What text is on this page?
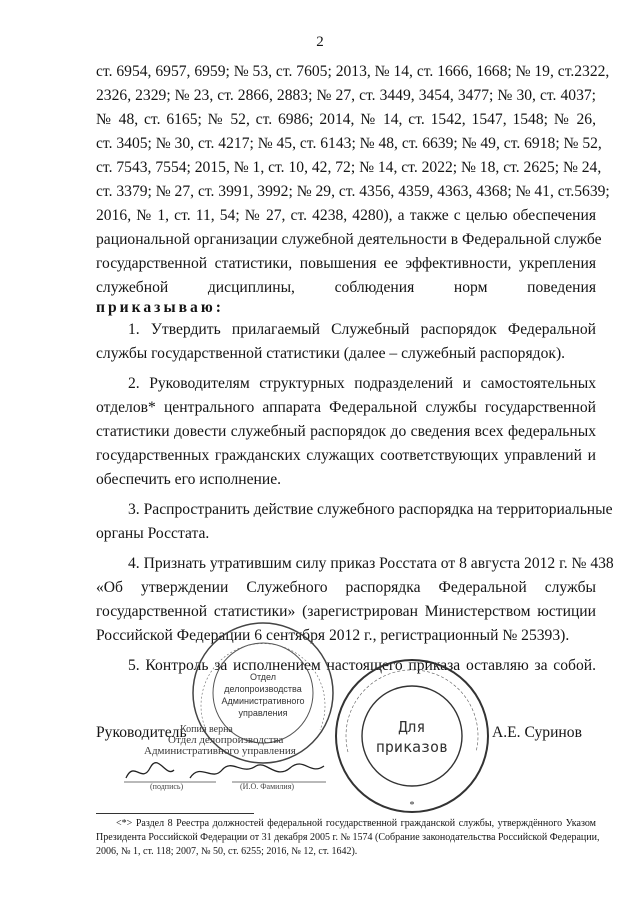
2
ст. 6954, 6957, 6959; № 53, ст. 7605; 2013, № 14, ст. 1666, 1668; № 19, ст.2322,
2326, 2329; № 23, ст. 2866, 2883; № 27, ст. 3449, 3454, 3477; № 30, ст. 4037;
№ 48, ст. 6165; № 52, ст. 6986; 2014, № 14, ст. 1542, 1547, 1548; № 26,
ст. 3405; № 30, ст. 4217; № 45, ст. 6143; № 48, ст. 6639; № 49, ст. 6918; № 52,
ст. 7543, 7554; 2015, № 1, ст. 10, 42, 72; № 14, ст. 2022; № 18, ст. 2625; № 24,
ст. 3379; № 27, ст. 3991, 3992; № 29, ст. 4356, 4359, 4363, 4368; № 41, ст.5639;
2016, № 1, ст. 11, 54; № 27, ст. 4238, 4280), а также с целью обеспечения
рациональной организации служебной деятельности в Федеральной службе
государственной статистики, повышения ее эффективности, укрепления
служебной дисциплины, соблюдения норм поведения
приказываю:
1. Утвердить прилагаемый Служебный распорядок Федеральной
службы государственной статистики (далее – служебный распорядок).
2. Руководителям структурных подразделений и самостоятельных
отделов* центрального аппарата Федеральной службы государственной
статистики довести служебный распорядок до сведения всех федеральных
государственных гражданских служащих соответствующих управлений и
обеспечить его исполнение.
3. Распространить действие служебного распорядка на территориальные
органы Росстата.
4. Признать утратившим силу приказ Росстата от 8 августа 2012 г. № 438
«Об утверждении Служебного распорядка Федеральной службы
государственной статистики» (зарегистрирован Министерством юстиции
Российской Федерации 6 сентября 2012 г., регистрационный № 25393).
5. Контроль за исполнением настоящего приказа оставляю за собой.
Отдел
делопроизводства
Административного
управления
Для
приказов
*
Руководитель	А.Е. Суринов
Копия верна
Отдел делопроизводства
Административного управления
(подпись)	(И.О. Фамилия)
<*> Раздел 8 Реестра должностей федеральной государственной гражданской службы, утверждённого Указом
Президента Российской Федерации от 31 декабря 2005 г. № 1574 (Собрание законодательства Российской Федерации,
2006, № 1, ст. 118; 2007, № 50, ст. 6255; 2016, № 12, ст. 1642).
